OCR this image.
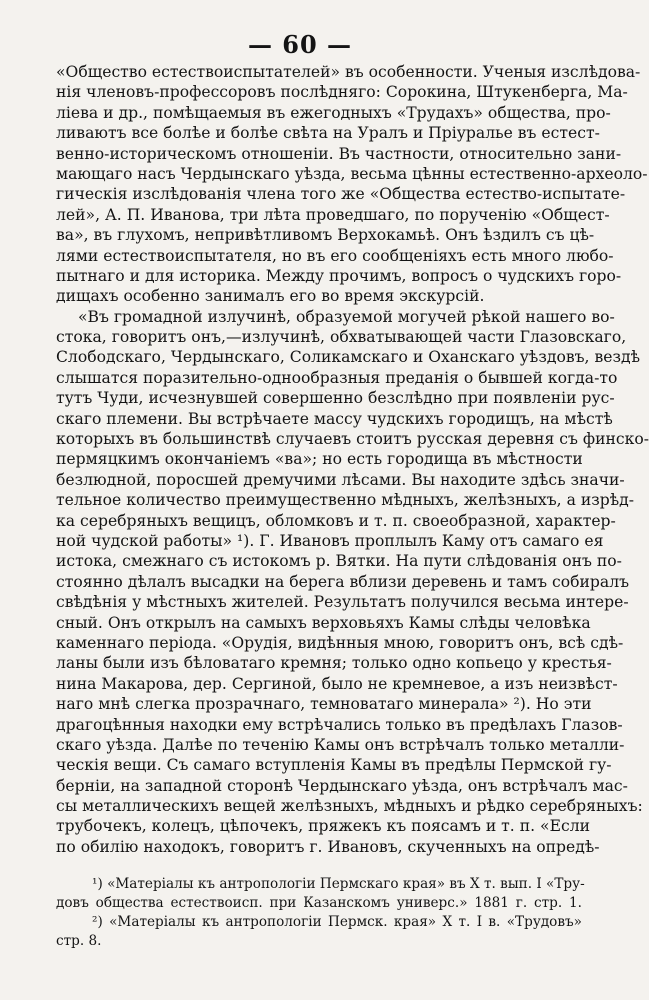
— 60 —
«Общество естествоиспытателей» въ особенности. Ученыя изслѣдова-
нія членовъ-профессоровъ послѣдняго: Сорокина, Штукенберга, Ма-
ліева и др., помѣщаемыя въ ежегодныхъ «Трудахъ» общества, про-
ливаютъ все болѣе и болѣе свѣта на Уралъ и Пріуралье въ естест-
венно-историческомъ отношеніи. Въ частности, относительно зани-
мающаго насъ Чердынскаго уѣзда, весьма цѣнны естественно-археоло-
гическія изслѣдованія члена того же «Общества естество-испытате-
лей», А. П. Иванова, три лѣта проведшаго, по порученію «Общест-
ва», въ глухомъ, непривѣтливомъ Верхокамьѣ. Онъ ѣздилъ съ цѣ-
лями естествоиспытателя, но въ его сообщеніяхъ есть много любо-
пытнаго и для историка. Между прочимъ, вопросъ о чудскихъ горо-
дищахъ особенно занималъ его во время экскурсій.
«Въ громадной излучинѣ, образуемой могучей рѣкой нашего во-
стока, говоритъ онъ,—излучинѣ, обхватывающей части Глазовскаго,
Слободскаго, Чердынскаго, Соликамскаго и Оханскаго уѣздовъ, вездѣ
слышатся поразительно-однообразныя преданія о бывшей когда-то
тутъ Чуди, исчезнувшей совершенно безслѣдно при появленіи рус-
скаго племени. Вы встрѣчаете массу чудскихъ городищъ, на мѣстѣ
которыхъ въ большинствѣ случаевъ стоитъ русская деревня съ финско-
пермяцкимъ окончаніемъ «ва»; но есть городища въ мѣстности
безлюдной, поросшей дремучими лѣсами. Вы находите здѣсь значи-
тельное количество преимущественно мѣдныхъ, желѣзныхъ, а изрѣд-
ка серебряныхъ вещицъ, обломковъ и т. п. своеобразной, характер-
ной чудской работы» ¹). Г. Ивановъ проплылъ Каму отъ самаго ея
истока, смежнаго съ истокомъ р. Вятки. На пути слѣдованія онъ по-
стоянно дѣлалъ высадки на берега вблизи деревень и тамъ собиралъ
свѣдѣнія у мѣстныхъ жителей. Результатъ получился весьма интере-
сный. Онъ открылъ на самыхъ верховьяхъ Камы слѣды человѣка
каменнаго періода. «Орудія, видѣнныя мною, говоритъ онъ, всѣ сдѣ-
ланы были изъ бѣловатаго кремня; только одно копьецо у крестья-
нина Макарова, дер. Сергиной, было не кремневое, а изъ неизвѣст-
наго мнѣ слегка прозрачнаго, темноватаго минерала» ²). Но эти
драгоцѣнныя находки ему встрѣчались только въ предѣлахъ Глазов-
скаго уѣзда. Далѣе по теченію Камы онъ встрѣчалъ только металли-
ческія вещи. Съ самаго вступленія Камы въ предѣлы Пермской гу-
берніи, на западной сторонѣ Чердынскаго уѣзда, онъ встрѣчалъ мас-
сы металлическихъ вещей желѣзныхъ, мѣдныхъ и рѣдко серебряныхъ:
трубочекъ, колецъ, цѣпочекъ, пряжекъ къ поясамъ и т. п. «Если
по обилію находокъ, говоритъ г. Ивановъ, скученныхъ на опредѣ-
¹) «Матеріалы къ антропологіи Пермскаго края» въ X т. вып. I «Тру-
довъ общества естествоисп. при Казанскомъ универс.» 1881 г. стр. 1.
²) «Матеріалы къ антропологіи Пермск. края» X т. I в. «Трудовъ»
стр. 8.
